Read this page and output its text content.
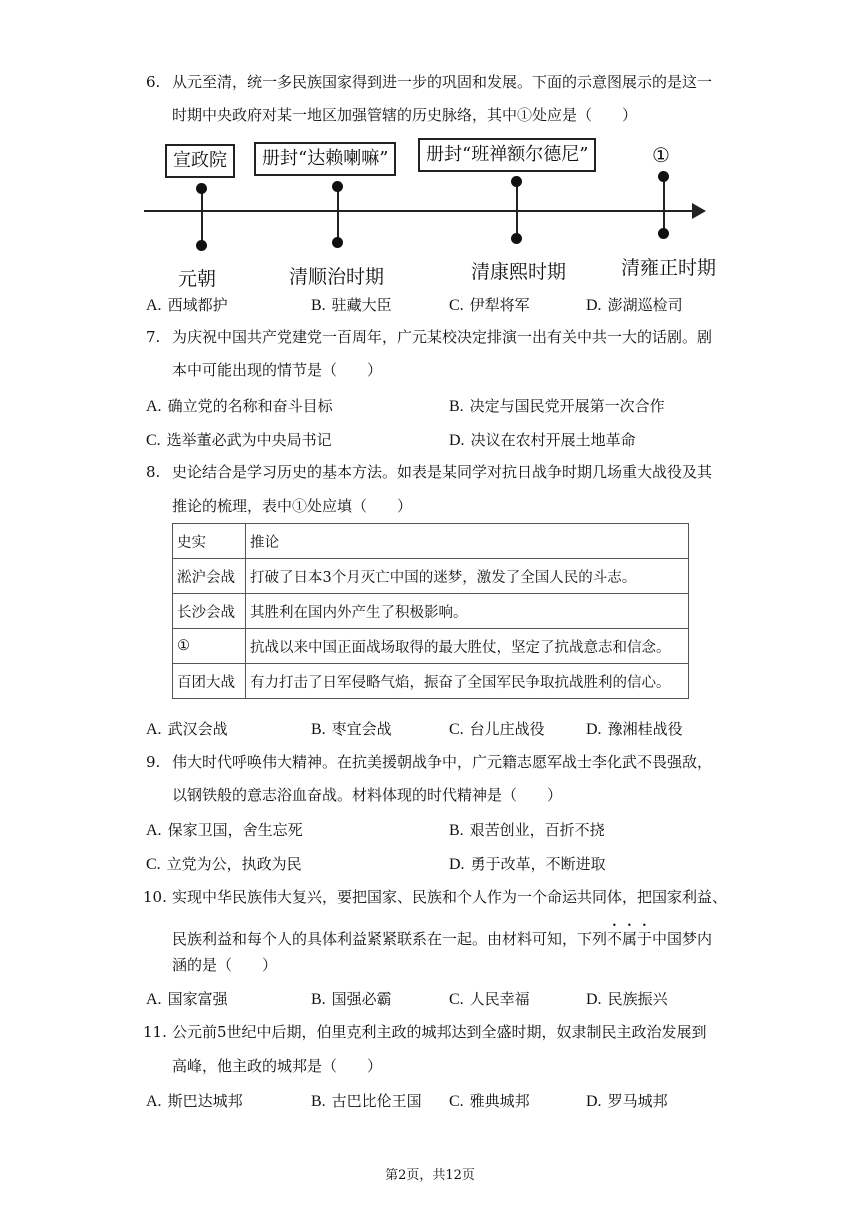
6. 从元至清，统一多民族国家得到进一步的巩固和发展。下面的示意图展示的是这一
时期中央政府对某一地区加强管辖的历史脉络，其中①处应是（　　）
宣政院	册封“达赖喇嘛”	册封“班禅额尔德尼”	①
元朝	清顺治时期	清康熙时期	清雍正时期
A. 西域都护	B. 驻藏大臣	C. 伊犁将军	D. 澎湖巡检司
7. 为庆祝中国共产党建党一百周年，广元某校决定排演一出有关中共一大的话剧。剧
本中可能出现的情节是（　　）
A. 确立党的名称和奋斗目标	B. 决定与国民党开展第一次合作
C. 选举董必武为中央局书记	D. 决议在农村开展土地革命
8. 史论结合是学习历史的基本方法。如表是某同学对抗日战争时期几场重大战役及其
推论的梳理，表中①处应填（　　）
史实	推论
淞沪会战	打破了日本3个月灭亡中国的迷梦，激发了全国人民的斗志。
长沙会战	其胜利在国内外产生了积极影响。
①	抗战以来中国正面战场取得的最大胜仗，坚定了抗战意志和信念。
百团大战	有力打击了日军侵略气焰，振奋了全国军民争取抗战胜利的信心。
A. 武汉会战	B. 枣宜会战	C. 台儿庄战役	D. 豫湘桂战役
9. 伟大时代呼唤伟大精神。在抗美援朝战争中，广元籍志愿军战士李化武不畏强敌，
以钢铁般的意志浴血奋战。材料体现的时代精神是（　　）
A. 保家卫国，舍生忘死	B. 艰苦创业，百折不挠
C. 立党为公，执政为民	D. 勇于改革，不断进取
10. 实现中华民族伟大复兴，要把国家、民族和个人作为一个命运共同体，把国家利益、
民族利益和每个人的具体利益紧紧联系在一起。由材料可知，下列不属于中国梦内
涵的是（　　）
A. 国家富强	B. 国强必霸	C. 人民幸福	D. 民族振兴
11. 公元前5世纪中后期，伯里克利主政的城邦达到全盛时期，奴隶制民主政治发展到
高峰，他主政的城邦是（　　）
A. 斯巴达城邦	B. 古巴比伦王国 C. 雅典城邦	D. 罗马城邦
第2页，共12页
